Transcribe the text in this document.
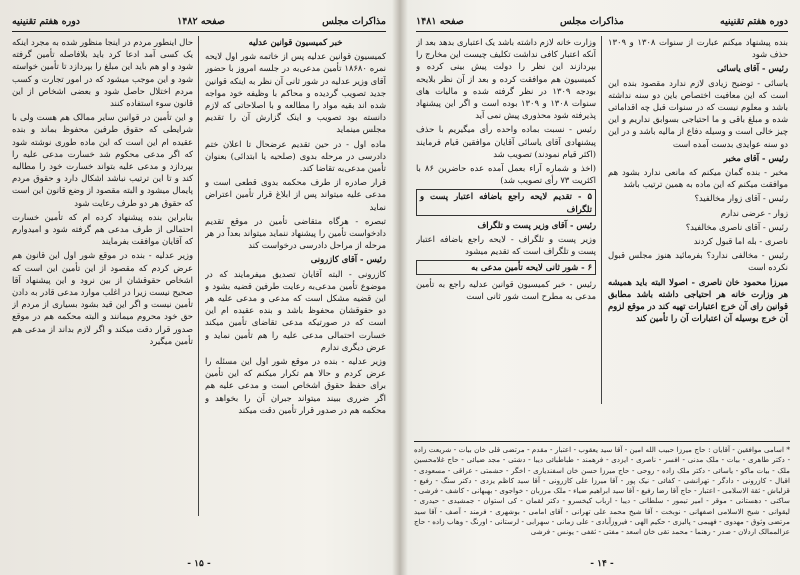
مذاکرات مجلس
صفحه ۱۴۸۲
دوره هفتم تقنینیه
خبر کمیسیون قوانین عدلیه
کمیسیون قوانین عدلیه پس از خاتمه شور اول لایحه نمره ۱۸۶۸۰ تأمین مدعی‌به در جلسه امروز با حضور آقای وزیر عدلیه در شور ثانی آن نظر به اینکه قوانین جدید تصویب گردیده و محاکم با وظیفه خود مواجه شده اند بقیه مواد را مطالعه و با اصلاحاتی که لازم دانسته بود تصویب و اینک گزارش آن را تقدیم مجلس مینماید
ماده اول - در حین تقدیم عرضحال تا اعلان ختم دادرسی در مرحله بدوی (صلحیه یا ابتدائی) بعنوان تأمین مدعی‌به تقاضا کند.
قرار صادره از طرف محکمه بدوی قطعی است و مدعی علیه میتواند پس از ابلاغ قرار تأمین اعتراض نماید
تبصره - هرگاه متقاضی تأمین در موقع تقدیم دادخواست تأمین را پیشنهاد ننماید میتواند بعداً در هر مرحله از مراحل دادرسی درخواست کند
رئیس - آقای کازرونی
کازرونی - البته آقایان تصدیق میفرمایند که در موضوع تأمین مدعی‌به رعایت طرفین قضیه بشود و این قضیه مشکل است که مدعی و مدعی علیه هر دو حقوقشان محفوظ باشد و بنده عقیده ام این است که در صورتیکه مدعی تقاضای تأمین میکند خسارت احتمالی مدعی علیه را هم تأمین نماید و عرض دیگری ندارم
وزیر عدلیه - بنده در موقع شور اول این مسئله را عرض کردم و حالا هم تکرار میکنم که این تأمین برای حفظ حقوق اشخاص است و مدعی علیه هم اگر ضرری ببیند میتواند جبران آن را بخواهد و محکمه هم در صدور قرار تأمین دقت میکند
حال اینطور مردم در اینجا منظور شده به مجرد اینکه یک کسی آمد ادعا کرد باید بلافاصله تأمین گرفته شود و او هم باید این مبلغ را بپردازد تا تأمین خواسته شود و این موجب میشود که در امور تجارت و کسب مردم اختلال حاصل شود و بعضی اشخاص از این قانون سوء استفاده کنند
و این تأمین در قوانین سایر ممالک هم هست ولی با شرایطی که حقوق طرفین محفوظ بماند و بنده عقیده ام این است که این ماده طوری نوشته شود که اگر مدعی محکوم شد خسارت مدعی علیه را بپردازد و مدعی علیه بتواند خسارت خود را مطالبه کند و تا این ترتیب نباشد اشکال دارد و حقوق مردم پایمال میشود و البته مقصود از وضع قانون این است که حقوق هر دو طرف رعایت شود
بنابراین بنده پیشنهاد کرده ام که تأمین خسارت احتمالی از طرف مدعی هم گرفته شود و امیدوارم که آقایان موافقت بفرمایند
وزیر عدلیه - بنده در موقع شور اول این قانون هم عرض کردم که مقصود از این تأمین این است که اشخاص حقوقشان از بین نرود و این پیشنهاد آقا صحیح نیست زیرا در اغلب موارد مدعی قادر به دادن تأمین نیست و اگر این قید بشود بسیاری از مردم از حق خود محروم میمانند و البته محکمه هم در موقع صدور قرار دقت میکند و اگر لازم بداند از مدعی هم تأمین میگیرد
- ۱۵ -
دوره هفتم تقنینیه
مذاکرات مجلس
صفحه ۱۴۸۱
بنده پیشنهاد میکنم عبارت از سنوات ۱۳۰۸ و ۱۳۰۹ حذف شود
رئیس - آقای یاسائی
یاسائی - توضیح زیادی لازم ندارد مقصود بنده این است که این معافیت اختصاص باین دو سنه نداشته باشد و معلوم نیست که در سنوات قبل چه اقداماتی شده و مبلغ باقی و ما احتیاجی بسوابق نداریم و این چیز خالی است و وسیله دفاع از مالیه باشد و در این دو سنه عوایدی بدست آمده است
رئیس - آقای مخبر
مخبر - بنده گمان میکنم که مانعی ندارد بشود هم موافقت میکنم که این ماده به همین ترتیب باشد
رئیس - آقای زوار مخالفید؟
زوار - عرضی ندارم
رئیس - آقای ناصری مخالفید؟
ناصری - بله اما قبول کردند
رئیس - مخالفی ندارد؟ بفرمائید هنوز مجلس قبول نکرده است
میرزا محمود خان ناصری - اصولا البته باید همیشه هر وزارت خانه هر احتیاجی داشته باشد مطابق قوانین رای آن خرج اعتبارات تهیه کند در موقع لزوم آن خرج بوسیله آن اعتبارات آن را تأمین کند
وزارت خانه لازم داشته باشد یک اعتباری بدهد بعد از آنکه اعتبار کافی نداشت تکلیف چیست این مخارج را بپردازند این نظر را دولت پیش بینی کرده و کمیسیون هم موافقت کرده و بعد از آن نظر بلایحه بودجه ۱۳۰۹ در نظر گرفته شده و مالیات های سنوات ۱۳۰۸ و ۱۳۰۹ بوده است و اگر این پیشنهاد پذیرفته شود محذوری پیش نمی آید
رئیس - نسبت بماده واحده رأی میگیریم با حذف پیشنهادی آقای یاسائی آقایان موافقین قیام فرمایند (اکثر قیام نمودند) تصویب شد
(اخذ و شماره آراء بعمل آمده عده حاضرین ۸۶ با اکثریت ۷۳ رأی تصویب شد)
۵ - تقدیم لایحه راجع باضافه اعتبار پست و تلگراف
رئیس - آقای وزیر پست و تلگراف
وزیر پست و تلگراف - لایحه راجع باضافه اعتبار پست و تلگراف است که تقدیم میشود
۶ - شور ثانی لایحه تأمین مدعی به
رئیس - خبر کمیسیون قوانین عدلیه راجع به تأمین مدعی به مطرح است شور ثانی است
* اسامی موافقین - آقایان : حاج میرزا حبیب الله امین - آقا سید یعقوب - اعتبار - مقدم - مرتضی قلی خان بیات - شریعت زاده - دکتر طاهری - بیات - ملک مدنی - افسر - ناصری - ایزدی - فرهمند - طباطبائی دیبا - دشتی - مجد ضیائی - حاج غلامحسین ملک - بیات ماکو - یاسائی - دکتر ملک زاده - روحی - حاج میرزا حسن خان اسفندیاری - اخگر - حشمتی - عراقی - مسعودی - اقبال - کازرونی - دادگر - تهرانشی - کفائی - نیک پور - آقا میرزا علی کازرونی - آقا سید کاظم یزدی - دکتر سنگ - رفیع - قزلباش - ثقة الاسلامی - اعتبار - حاج آقا رضا رفیع - آقا سید ابراهیم ضیاء - ملک مرزبان - خواجوی - بهبهانی - کاشف - فرشی - ساکنی - دهستانی - موقر - امیر تیمور - سلطانی - دیبا - ارباب کیخسرو - دکتر لقمان - کی استوان - جمشیدی - حیدری - لیقوانی - شیخ الاسلامی اصفهانی - نوبخت - آقا شیخ محمد علی تهرانی - آقای امامی - بوشهری - فرمند - آصف - آقا سید مرتضی وثوق - مهدوی - فهیمی - پالیزی - حکیم الهی - فیروزآبادی - علی زمانی - سهرابی - لرستانی - اورنگ - وهاب زاده - حاج عزالممالک اردلان - صدر - رهنما - محمد تقی خان اسعد - مفتی - ثقفی - یونس - فرشی
- ۱۴ -
